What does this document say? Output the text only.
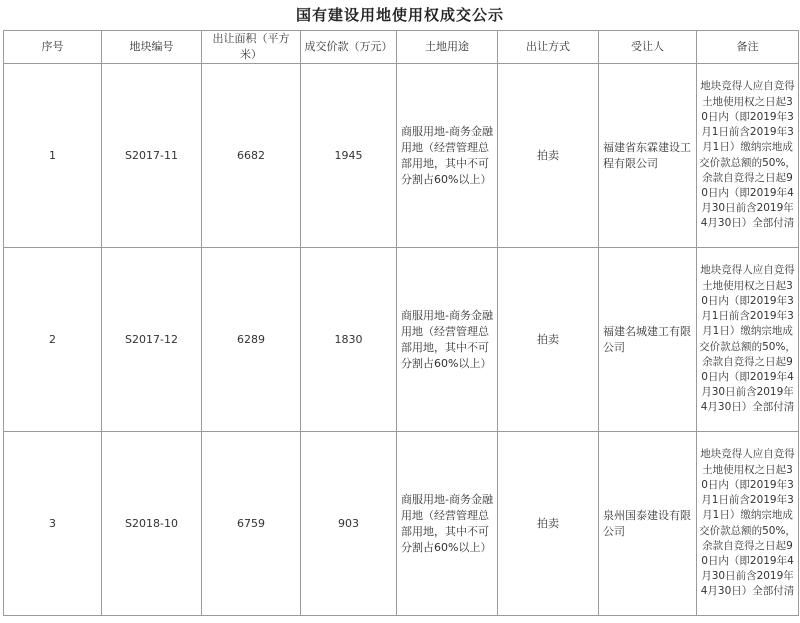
国有建设用地使用权成交公示
序号	地块编号	出让面积（平方米）	成交价款（万元）	土地用途	出让方式	受让人	备注
1	S2017-11	6682	1945	商服用地-商务金融用地（经营管理总部用地，其中不可分割占60%以上）	拍卖	福建省东霖建设工程有限公司	地块竞得人应自竞得土地使用权之日起30日内（即2019年3月1日前含2019年3月1日）缴纳宗地成交价款总额的50%，余款自竞得之日起90日内（即2019年4月30日前含2019年4月30日）全部付清
2	S2017-12	6289	1830	商服用地-商务金融用地（经营管理总部用地，其中不可分割占60%以上）	拍卖	福建名城建工有限公司	地块竞得人应自竞得土地使用权之日起30日内（即2019年3月1日前含2019年3月1日）缴纳宗地成交价款总额的50%，余款自竞得之日起90日内（即2019年4月30日前含2019年4月30日）全部付清
3	S2018-10	6759	903	商服用地-商务金融用地（经营管理总部用地，其中不可分割占60%以上）	拍卖	泉州国泰建设有限公司	地块竞得人应自竞得土地使用权之日起30日内（即2019年3月1日前含2019年3月1日）缴纳宗地成交价款总额的50%，余款自竞得之日起90日内（即2019年4月30日前含2019年4月30日）全部付清
